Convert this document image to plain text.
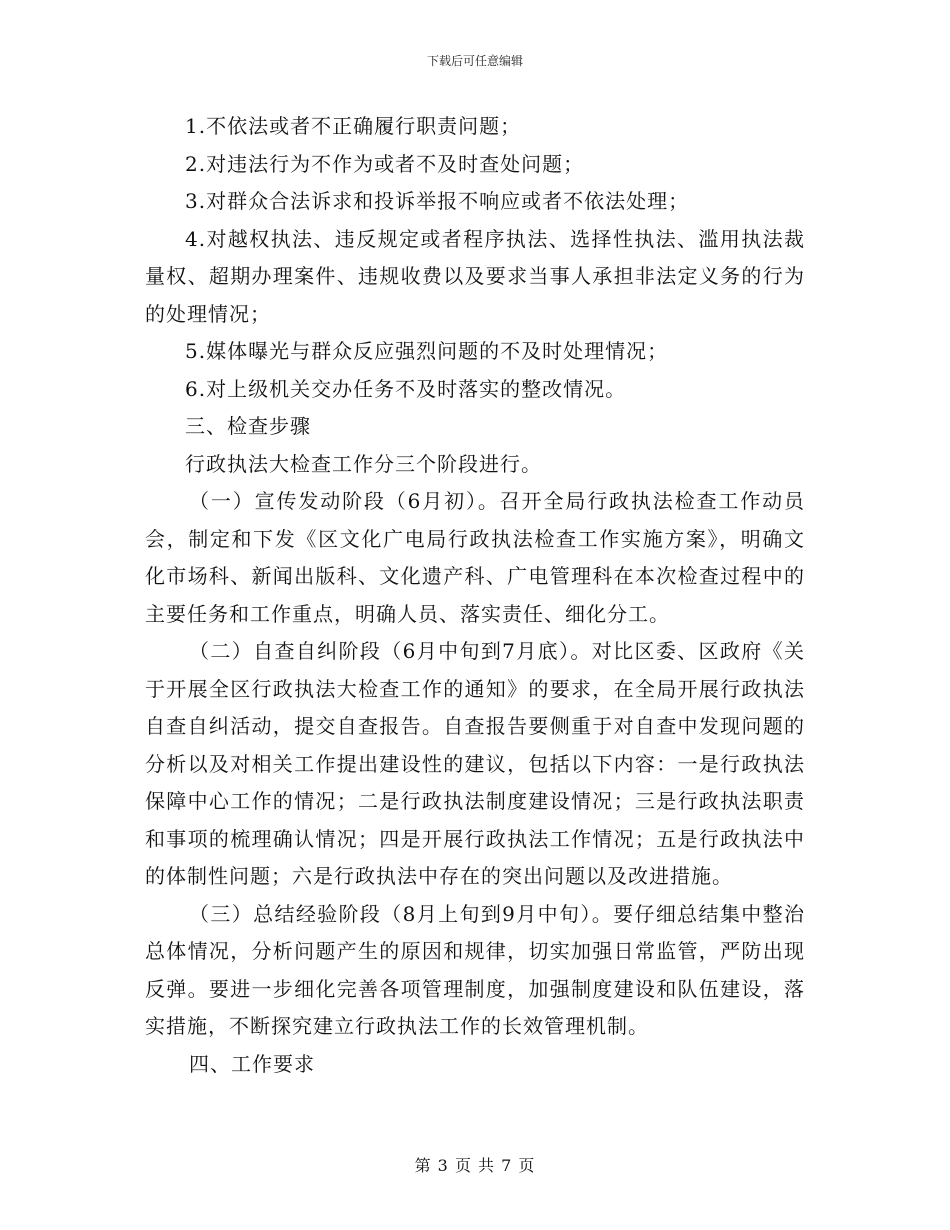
下载后可任意编辑

1.不依法或者不正确履行职责问题；

2.对违法行为不作为或者不及时查处问题；

3.对群众合法诉求和投诉举报不响应或者不依法处理；

4.对越权执法、违反规定或者程序执法、选择性执法、滥用执法裁量权、超期办理案件、违规收费以及要求当事人承担非法定义务的行为的处理情况；

5.媒体曝光与群众反应强烈问题的不及时处理情况；

6.对上级机关交办任务不及时落实的整改情况。

三、检查步骤

行政执法大检查工作分三个阶段进行。

（一）宣传发动阶段（6月初）。召开全局行政执法检查工作动员会，制定和下发《区文化广电局行政执法检查工作实施方案》，明确文化市场科、新闻出版科、文化遗产科、广电管理科在本次检查过程中的主要任务和工作重点，明确人员、落实责任、细化分工。

（二）自查自纠阶段（6月中旬到7月底）。对比区委、区政府《关于开展全区行政执法大检查工作的通知》的要求，在全局开展行政执法自查自纠活动，提交自查报告。自查报告要侧重于对自查中发现问题的分析以及对相关工作提出建设性的建议，包括以下内容：一是行政执法保障中心工作的情况；二是行政执法制度建设情况；三是行政执法职责和事项的梳理确认情况；四是开展行政执法工作情况；五是行政执法中的体制性问题；六是行政执法中存在的突出问题以及改进措施。

（三）总结经验阶段（8月上旬到9月中旬）。要仔细总结集中整治总体情况，分析问题产生的原因和规律，切实加强日常监管，严防出现反弹。要进一步细化完善各项管理制度，加强制度建设和队伍建设，落实措施，不断探究建立行政执法工作的长效管理机制。

四、工作要求

第 3 页 共 7 页
